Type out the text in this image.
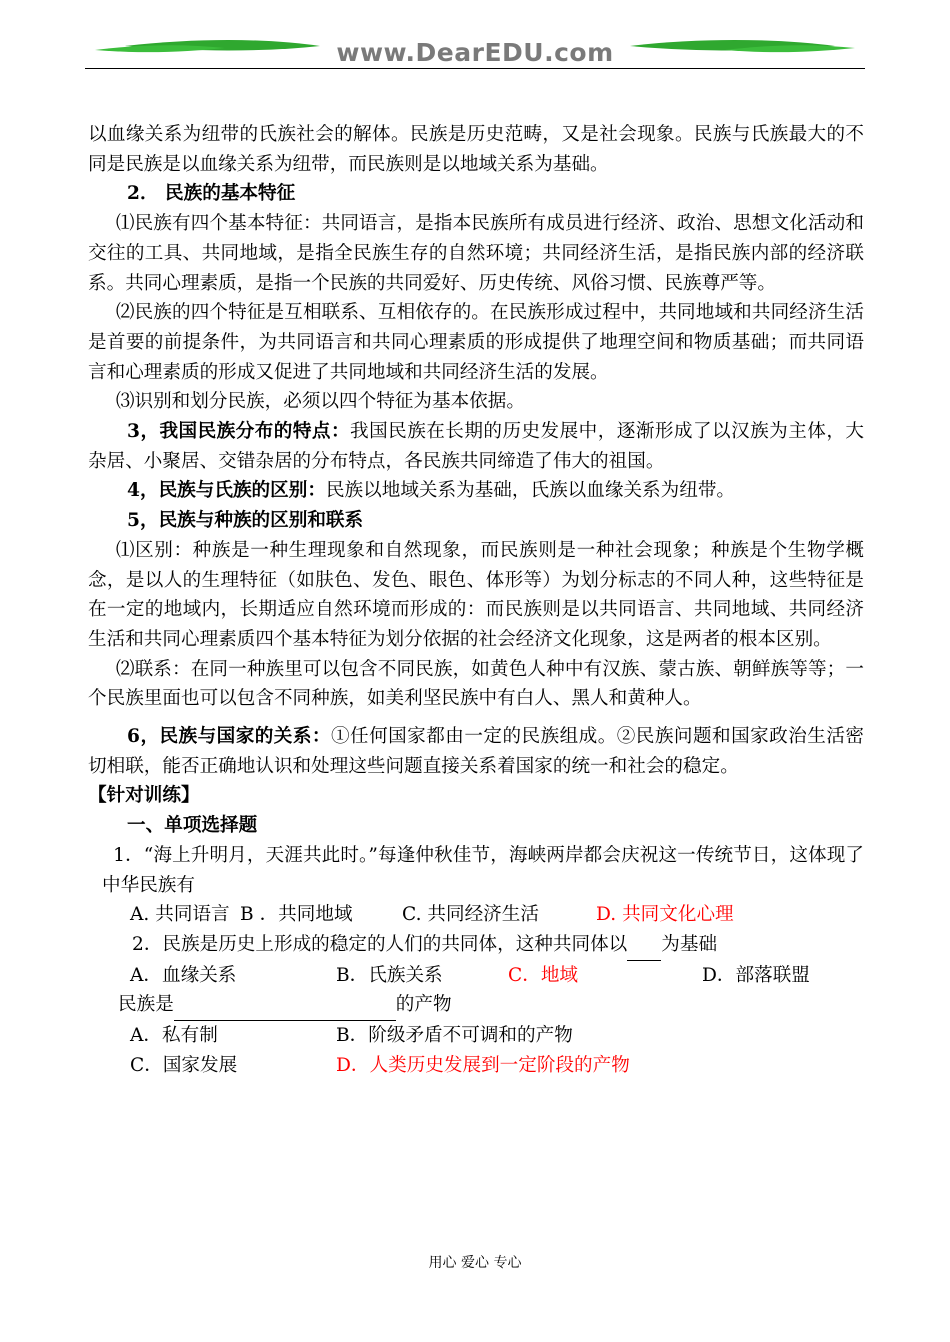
www.DearEDU.com

以血缘关系为纽带的氏族社会的解体。民族是历史范畴，又是社会现象。民族与氏族最大的不同是民族是以血缘关系为纽带，而民族则是以地域关系为基础。

2． 民族的基本特征

⑴民族有四个基本特征：共同语言，是指本民族所有成员进行经济、政治、思想文化活动和交往的工具、共同地域，是指全民族生存的自然环境；共同经济生活，是指民族内部的经济联系。共同心理素质，是指一个民族的共同爱好、历史传统、风俗习惯、民族尊严等。

⑵民族的四个特征是互相联系、互相依存的。在民族形成过程中，共同地域和共同经济生活是首要的前提条件，为共同语言和共同心理素质的形成提供了地理空间和物质基础；而共同语言和心理素质的形成又促进了共同地域和共同经济生活的发展。

⑶识别和划分民族，必须以四个特征为基本依据。

3，我国民族分布的特点：我国民族在长期的历史发展中，逐渐形成了以汉族为主体，大杂居、小聚居、交错杂居的分布特点，各民族共同缔造了伟大的祖国。

4，民族与氏族的区别：民族以地域关系为基础，氏族以血缘关系为纽带。

5，民族与种族的区别和联系

⑴区别：种族是一种生理现象和自然现象，而民族则是一种社会现象；种族是个生物学概念，是以人的生理特征（如肤色、发色、眼色、体形等）为划分标志的不同人种，这些特征是在一定的地域内，长期适应自然环境而形成的：而民族则是以共同语言、共同地域、共同经济生活和共同心理素质四个基本特征为划分依据的社会经济文化现象，这是两者的根本区别。

⑵联系：在同一种族里可以包含不同民族，如黄色人种中有汉族、蒙古族、朝鲜族等等；一个民族里面也可以包含不同种族，如美利坚民族中有白人、黑人和黄种人。

6，民族与国家的关系：①任何国家都由一定的民族组成。②民族问题和国家政治生活密切相联，能否正确地认识和处理这些问题直接关系着国家的统一和社会的稳定。

【针对训练】

一、单项选择题

1．“海上升明月，天涯共此时。”每逢仲秋佳节，海峡两岸都会庆祝这一传统节日，这体现了中华民族有

A. 共同语言 B ．共同地域	C. 共同经济生活	D. 共同文化心理

2．民族是历史上形成的稳定的人们的共同体，这种共同体以 为基础

A．血缘关系	B．氏族关系	C．地域	D．部落联盟

民族是	的产物

A．私有制	B．阶级矛盾不可调和的产物
C．国家发展	D．人类历史发展到一定阶段的产物
用心 爱心 专心
